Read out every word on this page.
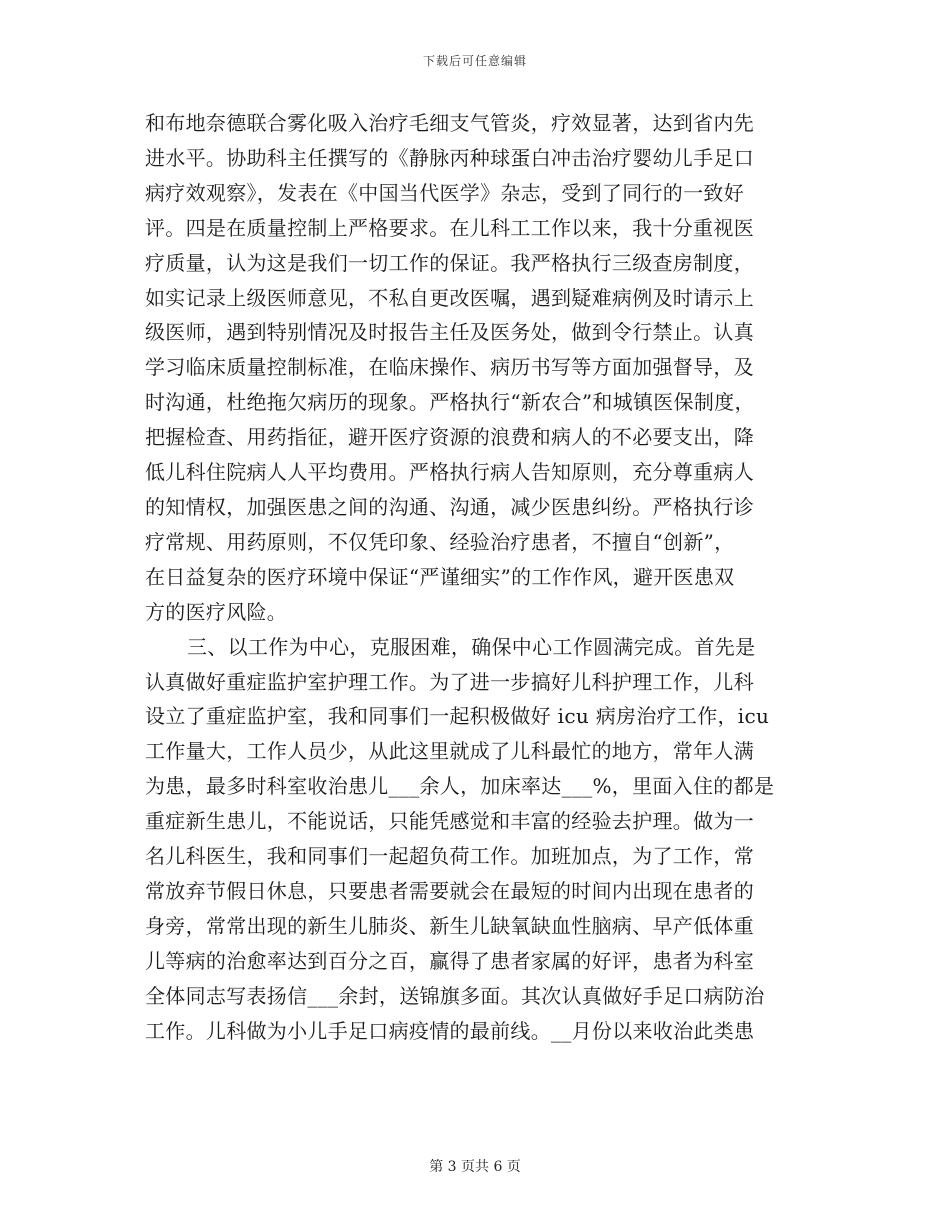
下载后可任意编辑
和布地奈德联合雾化吸入治疗毛细支气管炎，疗效显著，达到省内先
进水平。协助科主任撰写的《静脉丙种球蛋白冲击治疗婴幼儿手足口
病疗效观察》，发表在《中国当代医学》杂志，受到了同行的一致好
评。四是在质量控制上严格要求。在儿科工工作以来，我十分重视医
疗质量，认为这是我们一切工作的保证。我严格执行三级查房制度，
如实记录上级医师意见，不私自更改医嘱，遇到疑难病例及时请示上
级医师，遇到特别情况及时报告主任及医务处，做到令行禁止。认真
学习临床质量控制标准，在临床操作、病历书写等方面加强督导，及
时沟通，杜绝拖欠病历的现象。严格执行“新农合”和城镇医保制度，
把握检查、用药指征，避开医疗资源的浪费和病人的不必要支出，降
低儿科住院病人人平均费用。严格执行病人告知原则，充分尊重病人
的知情权，加强医患之间的沟通、沟通，减少医患纠纷。严格执行诊
疗常规、用药原则，不仅凭印象、经验治疗患者，不擅自“创新”，
在日益复杂的医疗环境中保证“严谨细实”的工作作风，避开医患双
方的医疗风险。
三、以工作为中心，克服困难，确保中心工作圆满完成。首先是
认真做好重症监护室护理工作。为了进一步搞好儿科护理工作，儿科
设立了重症监护室，我和同事们一起积极做好 icu 病房治疗工作，icu
工作量大，工作人员少，从此这里就成了儿科最忙的地方，常年人满
为患，最多时科室收治患儿___余人，加床率达___%，里面入住的都是
重症新生患儿，不能说话，只能凭感觉和丰富的经验去护理。做为一
名儿科医生，我和同事们一起超负荷工作。加班加点，为了工作，常
常放弃节假日休息，只要患者需要就会在最短的时间内出现在患者的
身旁，常常出现的新生儿肺炎、新生儿缺氧缺血性脑病、早产低体重
儿等病的治愈率达到百分之百，赢得了患者家属的好评，患者为科室
全体同志写表扬信___余封，送锦旗多面。其次认真做好手足口病防治
工作。儿科做为小儿手足口病疫情的最前线。__月份以来收治此类患
第 3 页共 6 页
